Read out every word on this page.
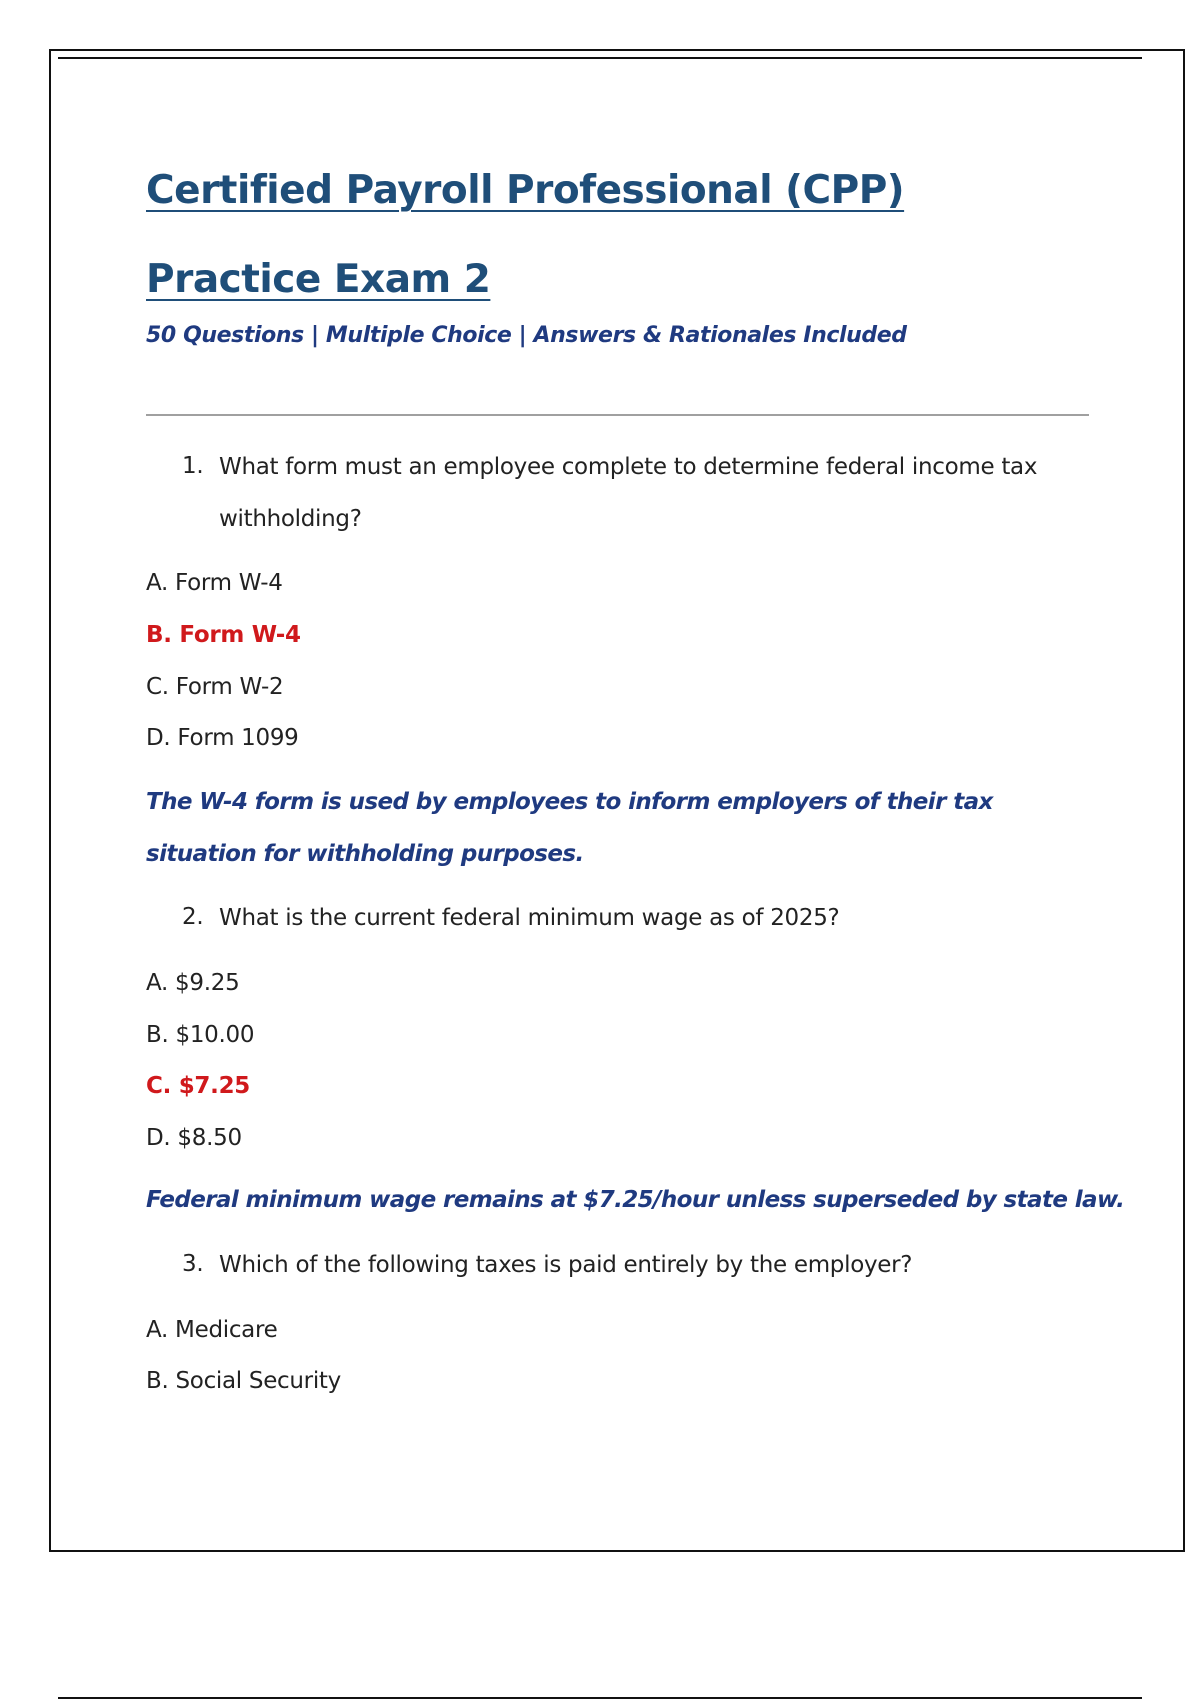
Certified Payroll Professional (CPP) Practice Exam 2

50 Questions | Multiple Choice | Answers & Rationales Included

1. What form must an employee complete to determine federal income tax withholding?

A. Form W-4

B. Form W-4

C. Form W-2

D. Form 1099

The W-4 form is used by employees to inform employers of their tax situation for withholding purposes.

2. What is the current federal minimum wage as of 2025?

A. $9.25

B. $10.00

C. $7.25

D. $8.50

Federal minimum wage remains at $7.25/hour unless superseded by state law.

3. Which of the following taxes is paid entirely by the employer?

A. Medicare

B. Social Security
